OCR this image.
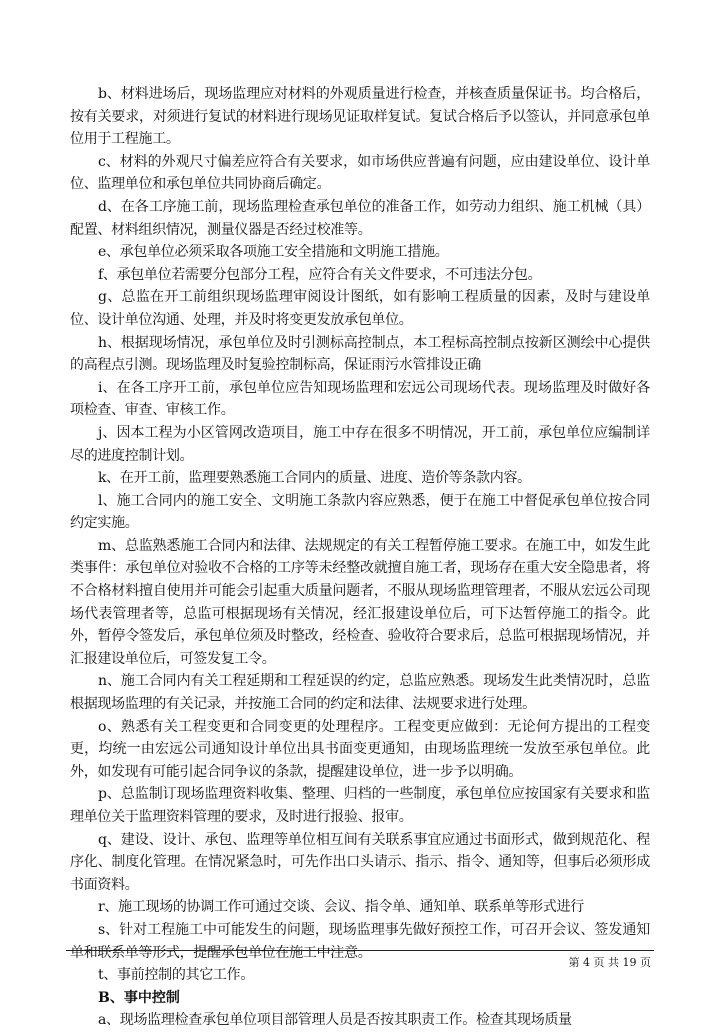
b、材料进场后，现场监理应对材料的外观质量进行检查，并核查质量保证书。均合格后，按有关要求，对须进行复试的材料进行现场见证取样复试。复试合格后予以签认，并同意承包单位用于工程施工。

c、材料的外观尺寸偏差应符合有关要求，如市场供应普遍有问题，应由建设单位、设计单位、监理单位和承包单位共同协商后确定。

d、在各工序施工前，现场监理检查承包单位的准备工作，如劳动力组织、施工机械（具）配置、材料组织情况，测量仪器是否经过校准等。

e、承包单位必须采取各项施工安全措施和文明施工措施。

f、承包单位若需要分包部分工程，应符合有关文件要求，不可违法分包。

g、总监在开工前组织现场监理审阅设计图纸，如有影响工程质量的因素，及时与建设单位、设计单位沟通、处理，并及时将变更发放承包单位。

h、根据现场情况，承包单位及时引测标高控制点，本工程标高控制点按新区测绘中心提供的高程点引测。现场监理及时复验控制标高，保证雨污水管排设正确

i、在各工序开工前，承包单位应告知现场监理和宏远公司现场代表。现场监理及时做好各项检查、审查、审核工作。

j、因本工程为小区管网改造项目，施工中存在很多不明情况，开工前，承包单位应编制详尽的进度控制计划。

k、在开工前，监理要熟悉施工合同内的质量、进度、造价等条款内容。

l、施工合同内的施工安全、文明施工条款内容应熟悉，便于在施工中督促承包单位按合同约定实施。

m、总监熟悉施工合同内和法律、法规规定的有关工程暂停施工要求。在施工中，如发生此类事件：承包单位对验收不合格的工序等未经整改就擅自施工者，现场存在重大安全隐患者，将不合格材料擅自使用并可能会引起重大质量问题者，不服从现场监理管理者，不服从宏远公司现场代表管理者等，总监可根据现场有关情况，经汇报建设单位后，可下达暂停施工的指令。此外，暂停令签发后，承包单位须及时整改，经检查、验收符合要求后，总监可根据现场情况，并汇报建设单位后，可签发复工令。

n、施工合同内有关工程延期和工程延误的约定，总监应熟悉。现场发生此类情况时，总监根据现场监理的有关记录，并按施工合同的约定和法律、法规要求进行处理。

o、熟悉有关工程变更和合同变更的处理程序。工程变更应做到：无论何方提出的工程变更，均统一由宏远公司通知设计单位出具书面变更通知，由现场监理统一发放至承包单位。此外，如发现有可能引起合同争议的条款，提醒建设单位，进一步予以明确。

p、总监制订现场监理资料收集、整理、归档的一些制度，承包单位应按国家有关要求和监理单位关于监理资料管理的要求，及时进行报验、报审。

q、建设、设计、承包、监理等单位相互间有关联系事宜应通过书面形式，做到规范化、程序化、制度化管理。在情况紧急时，可先作出口头请示、指示、指令、通知等，但事后必须形成书面资料。

r、施工现场的协调工作可通过交谈、会议、指令单、通知单、联系单等形式进行

s、针对工程施工中可能发生的问题，现场监理事先做好预控工作，可召开会议、签发通知单和联系单等形式，提醒承包单位在施工中注意。

t、事前控制的其它工作。

B、事中控制

a、现场监理检查承包单位项目部管理人员是否按其职责工作。检查其现场质量

第 4 页 共 19 页
